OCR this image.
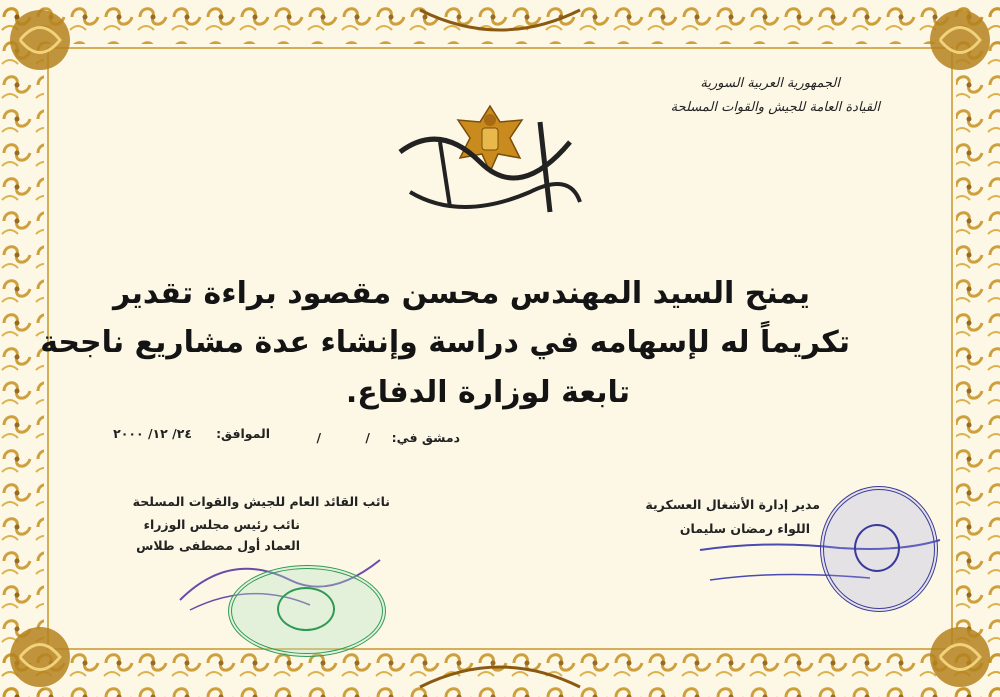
الجمهورية العربية السورية
القيادة العامة للجيش والقوات المسلحة
يمنح السيد المهندس محسن مقصود براءة تقدير
تكريماً له لإسهامه في دراسة وإنشاء عدة مشاريع ناجحة
تابعة لوزارة الدفاع.
دمشق في:
/ /
الموافق:
٢٤/ ١٢/ ٢٠٠٠
نائب القائد العام للجيش والقوات المسلحة
نائب رئيس مجلس الوزراء
العماد أول مصطفى طلاس
مدير إدارة الأشغال العسكرية
اللواء رمضان سليمان
